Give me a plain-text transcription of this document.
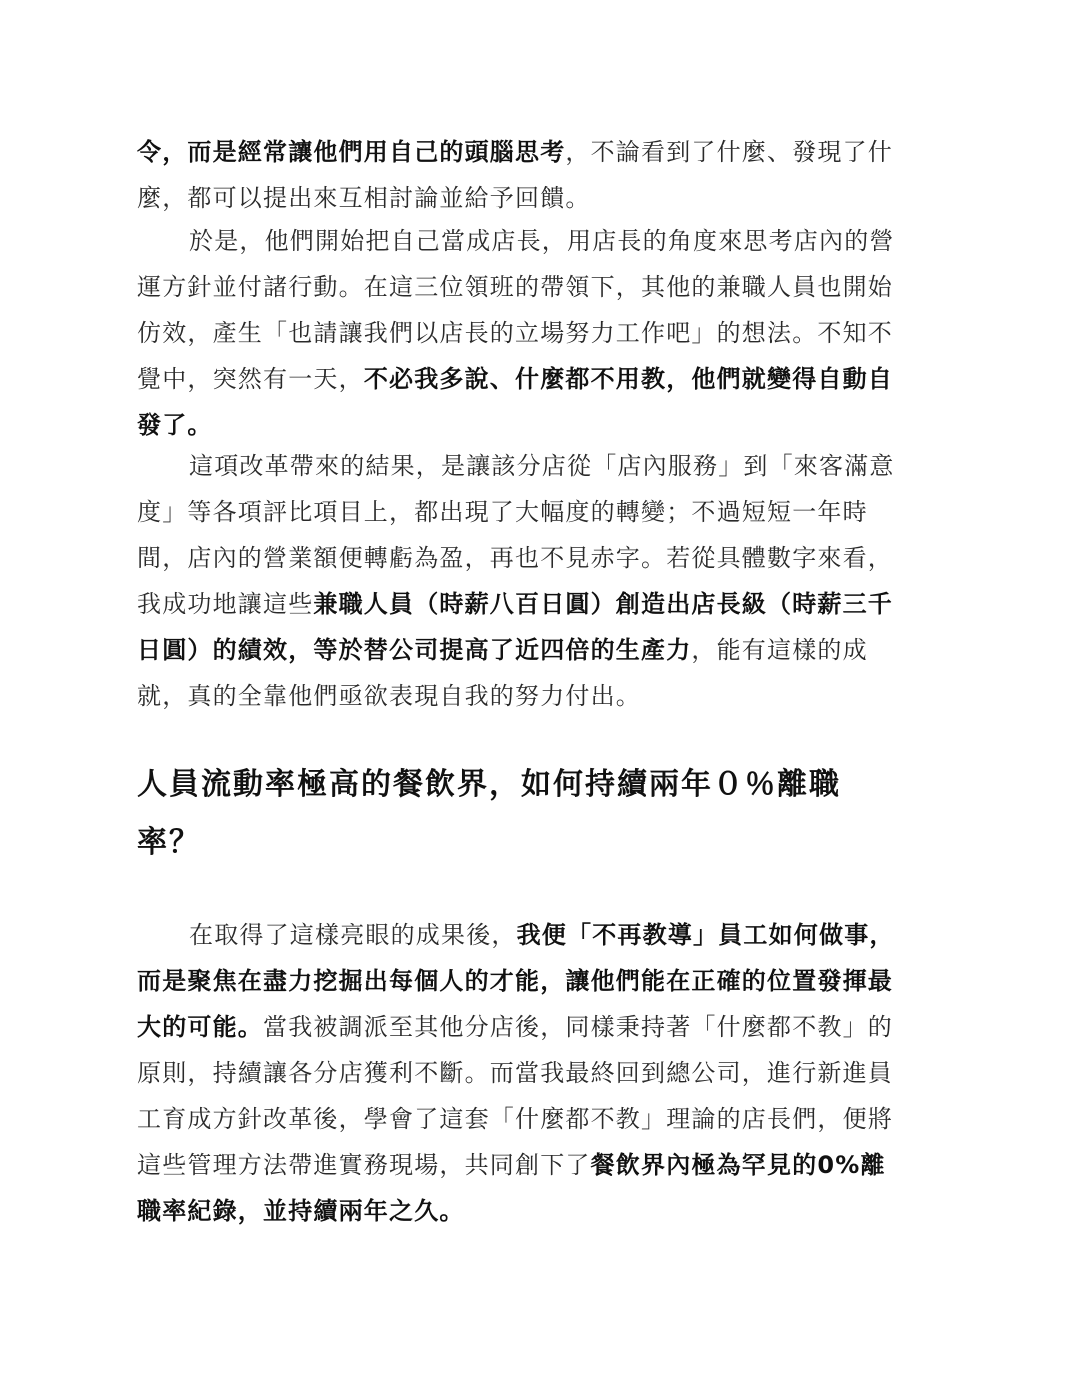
令，而是經常讓他們用自己的頭腦思考，不論看到了什麼、發現了什
麼，都可以提出來互相討論並給予回饋。
於是，他們開始把自己當成店長，用店長的角度來思考店內的營
運方針並付諸行動。在這三位領班的帶領下，其他的兼職人員也開始
仿效，產生「也請讓我們以店長的立場努力工作吧」的想法。不知不
覺中，突然有一天，不必我多說、什麼都不用教，他們就變得自動自
發了。
這項改革帶來的結果，是讓該分店從「店內服務」到「來客滿意
度」等各項評比項目上，都出現了大幅度的轉變；不過短短一年時
間，店內的營業額便轉虧為盈，再也不見赤字。若從具體數字來看，
我成功地讓這些兼職人員（時薪八百日圓）創造出店長級（時薪三千
日圓）的績效，等於替公司提高了近四倍的生產力，能有這樣的成
就，真的全靠他們亟欲表現自我的努力付出。
人員流動率極高的餐飲界，如何持續兩年０％離職
率？
在取得了這樣亮眼的成果後，我便「不再教導」員工如何做事，
而是聚焦在盡力挖掘出每個人的才能，讓他們能在正確的位置發揮最
大的可能。當我被調派至其他分店後，同樣秉持著「什麼都不教」的
原則，持續讓各分店獲利不斷。而當我最終回到總公司，進行新進員
工育成方針改革後，學會了這套「什麼都不教」理論的店長們，便將
這些管理方法帶進實務現場，共同創下了餐飲界內極為罕見的0%離
職率紀錄，並持續兩年之久。
